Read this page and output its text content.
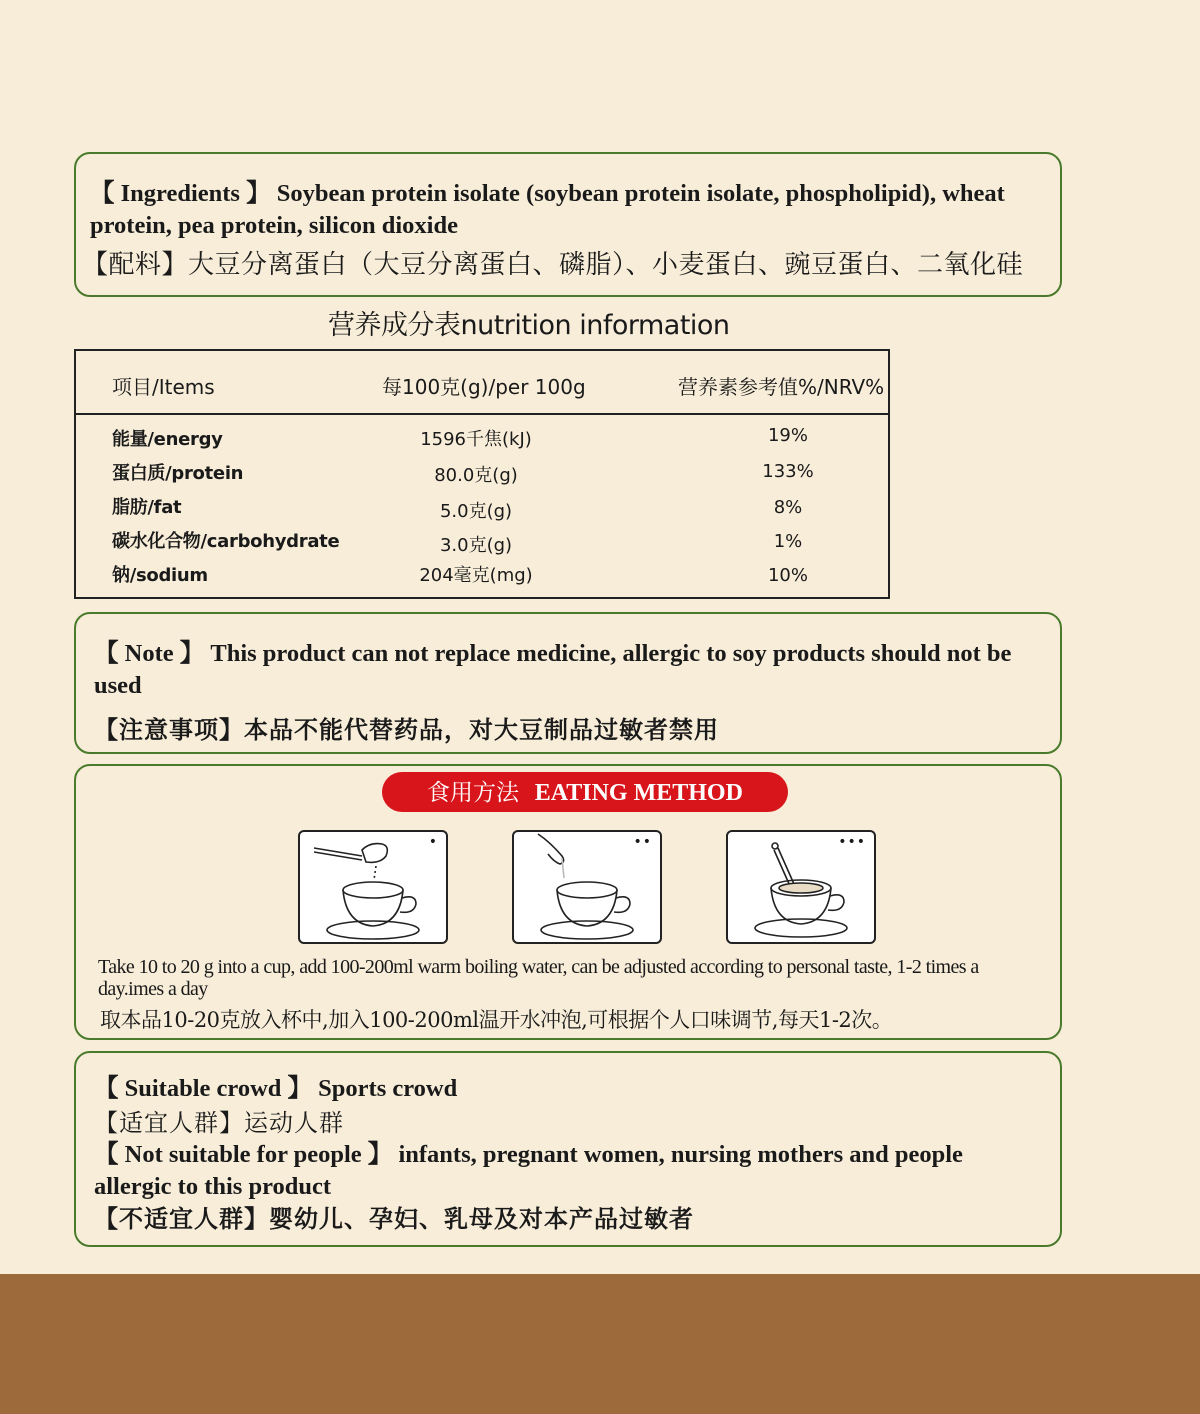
【 Ingredients 】 Soybean protein isolate (soybean protein isolate, phospholipid), wheat protein, pea protein, silicon dioxide
【配料】大豆分离蛋白（大豆分离蛋白、磷脂）、小麦蛋白、豌豆蛋白、二氧化硅
营养成分表nutrition information
项目/Items	每100克(g)/per 100g	营养素参考值%/NRV%
能量/energy	1596千焦(kJ)	19%
蛋白质/protein	80.0克(g)	133%
脂肪/fat	5.0克(g)	8%
碳水化合物/carbohydrate	3.0克(g)	1%
钠/sodium	204毫克(mg)	10%
【 Note 】 This product can not replace medicine, allergic to soy products should not be used
【注意事项】本品不能代替药品，对大豆制品过敏者禁用
食用方法 EATING METHOD
•	••	•••
Take 10 to 20 g into a cup, add 100-200ml warm boiling water, can be adjusted according to personal taste, 1-2 times a day.imes a day
取本品10-20克放入杯中,加入100-200ml温开水冲泡,可根据个人口味调节,每天1-2次。
【 Suitable crowd 】 Sports crowd
【适宜人群】运动人群
【 Not suitable for people 】 infants, pregnant women, nursing mothers and people allergic to this product
【不适宜人群】婴幼儿、孕妇、乳母及对本产品过敏者
